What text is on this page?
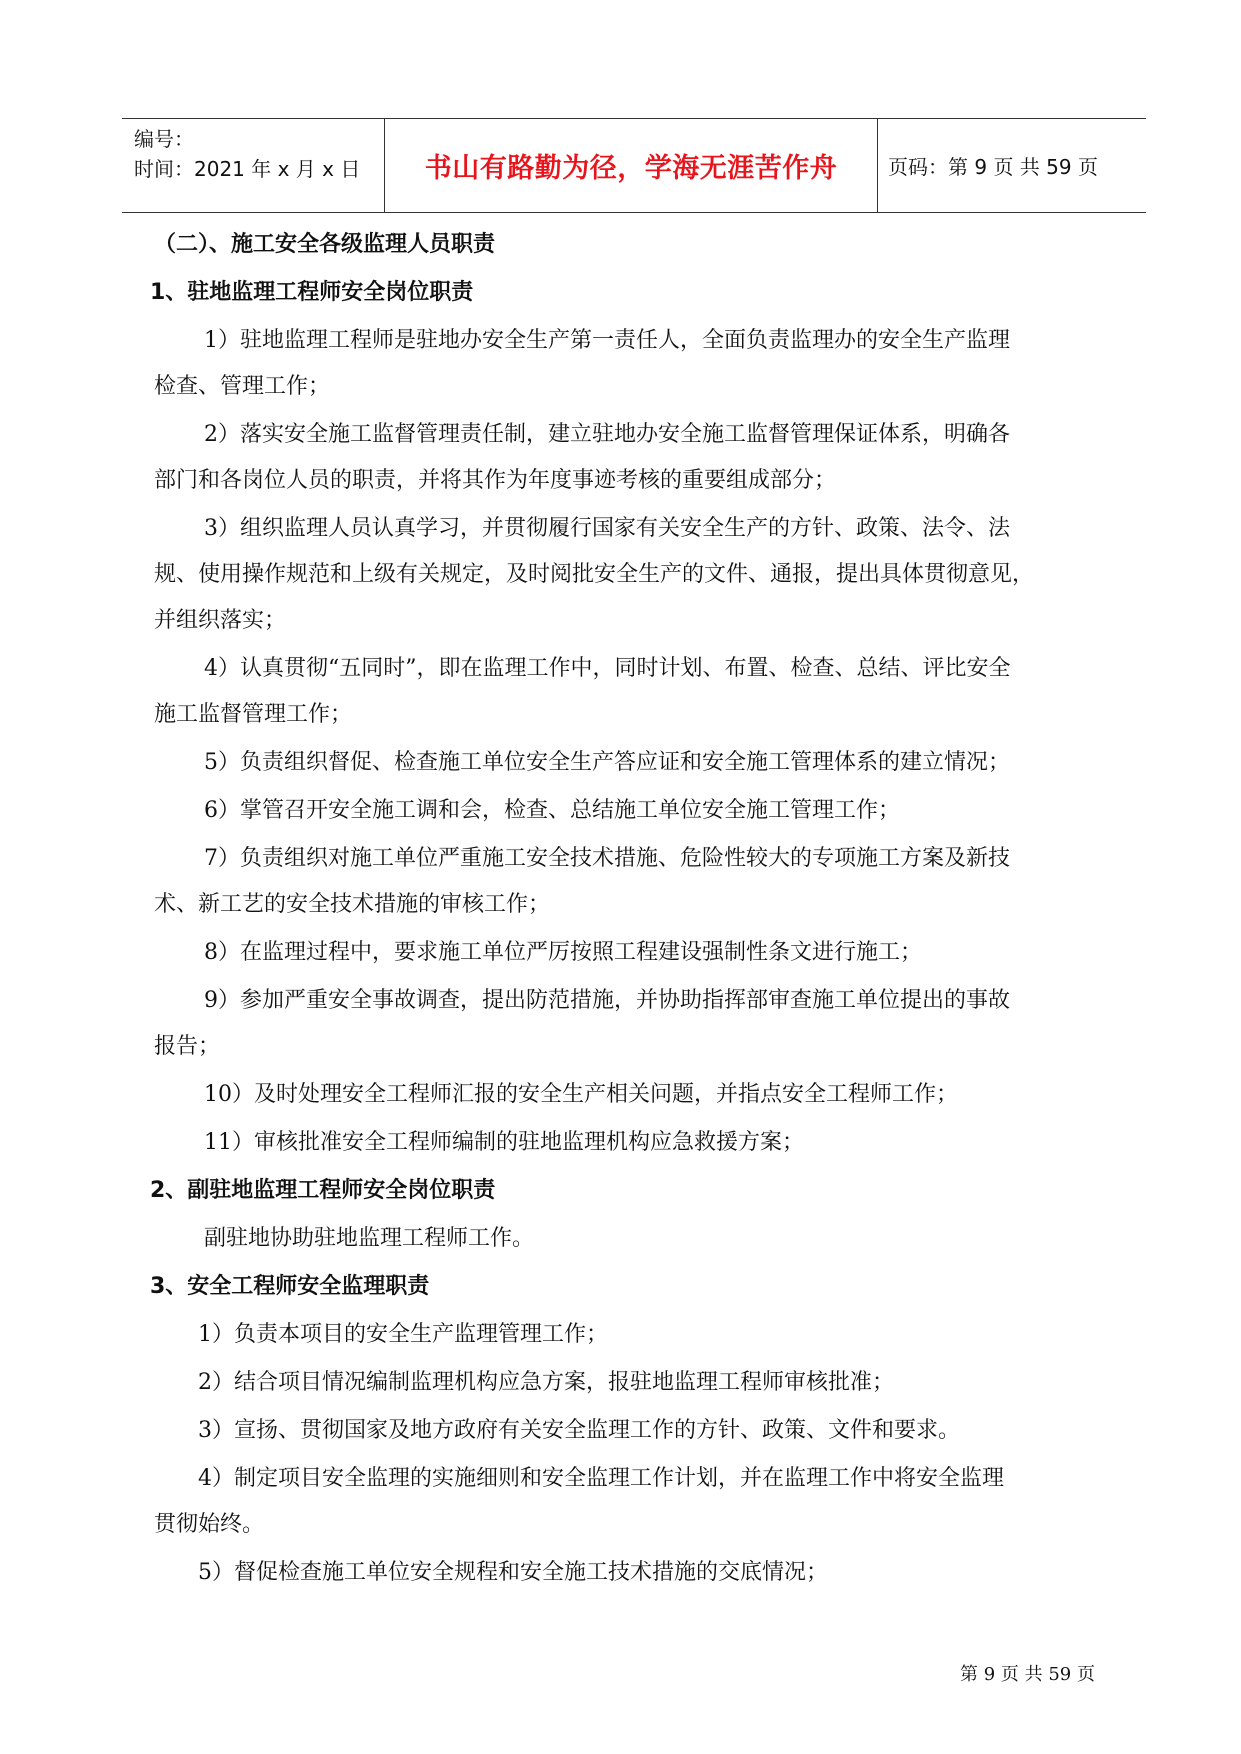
编号：
时间：2021 年 x 月 x 日 书山有路勤为径，学海无涯苦作舟	页码：第 9 页 共 59 页
（二）、施工安全各级监理人员职责
1、驻地监理工程师安全岗位职责
1）驻地监理工程师是驻地办安全生产第一责任人，全面负责监理办的安全生产监理
检查、管理工作；
2）落实安全施工监督管理责任制，建立驻地办安全施工监督管理保证体系，明确各
部门和各岗位人员的职责，并将其作为年度事迹考核的重要组成部分；
3）组织监理人员认真学习，并贯彻履行国家有关安全生产的方针、政策、法令、法
规、使用操作规范和上级有关规定，及时阅批安全生产的文件、通报，提出具体贯彻意见，
并组织落实；
4）认真贯彻“五同时”，即在监理工作中，同时计划、布置、检查、总结、评比安全
施工监督管理工作；
5）负责组织督促、检查施工单位安全生产答应证和安全施工管理体系的建立情况；
6）掌管召开安全施工调和会，检查、总结施工单位安全施工管理工作；
7）负责组织对施工单位严重施工安全技术措施、危险性较大的专项施工方案及新技
术、新工艺的安全技术措施的审核工作；
8）在监理过程中，要求施工单位严厉按照工程建设强制性条文进行施工；
9）参加严重安全事故调查，提出防范措施，并协助指挥部审查施工单位提出的事故
报告；
10）及时处理安全工程师汇报的安全生产相关问题，并指点安全工程师工作；
11）审核批准安全工程师编制的驻地监理机构应急救援方案；
2、副驻地监理工程师安全岗位职责
副驻地协助驻地监理工程师工作。
3、安全工程师安全监理职责
1）负责本项目的安全生产监理管理工作；
2）结合项目情况编制监理机构应急方案，报驻地监理工程师审核批准；
3）宣扬、贯彻国家及地方政府有关安全监理工作的方针、政策、文件和要求。
4）制定项目安全监理的实施细则和安全监理工作计划，并在监理工作中将安全监理
贯彻始终。
5）督促检查施工单位安全规程和安全施工技术措施的交底情况；
第 9 页 共 59 页
